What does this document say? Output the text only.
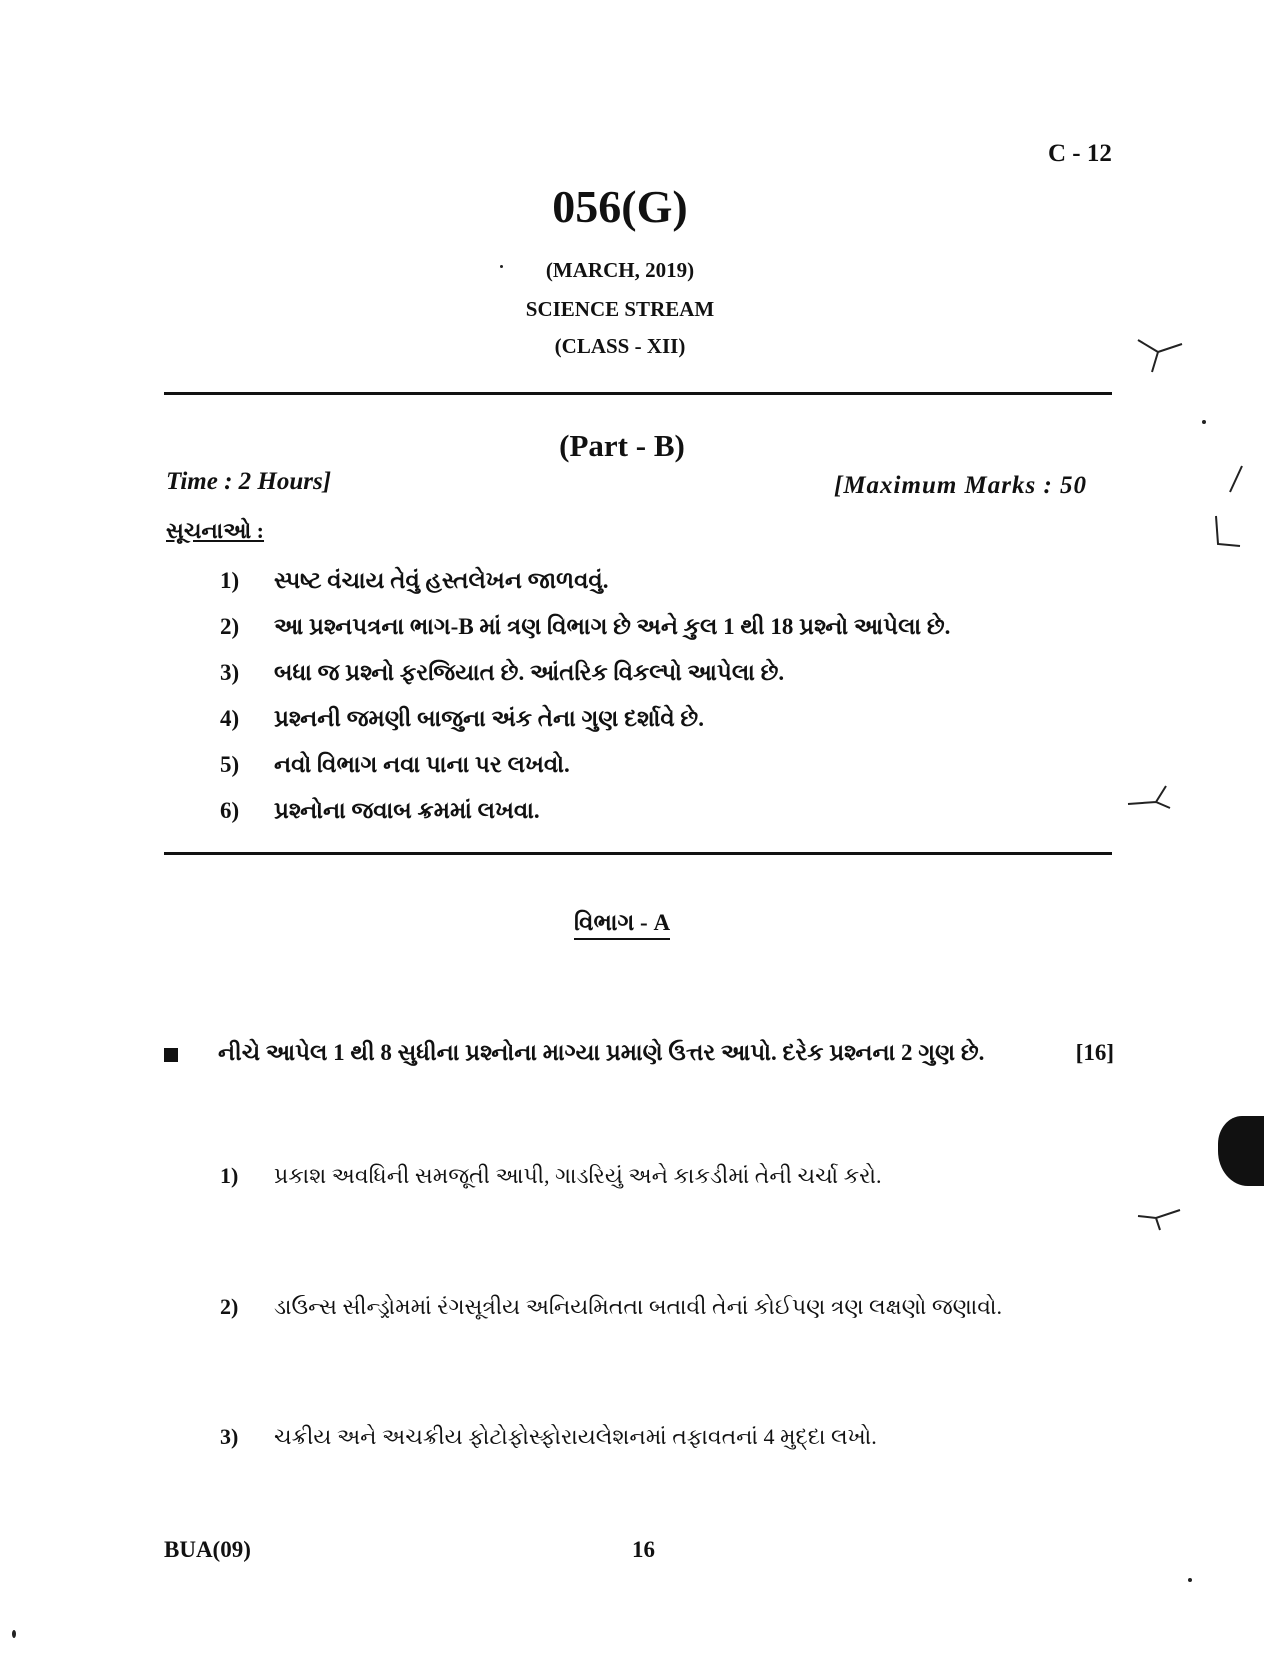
C - 12
056(G)
(MARCH, 2019)
SCIENCE STREAM
(CLASS - XII)
(Part - B)
Time : 2 Hours]	[Maximum Marks : 50
સૂચનાઓ :
1) સ્પષ્ટ વંચાય તેવું હસ્તલેખન જાળવવું.
2) આ પ્રશ્નપત્રના ભાગ-B માં ત્રણ વિભાગ છે અને કુલ 1 થી 18 પ્રશ્નો આપેલા છે.
3) બધા જ પ્રશ્નો ફરજિયાત છે. આંતરિક વિકલ્પો આપેલા છે.
4) પ્રશ્નની જમણી બાજુના અંક તેના ગુણ દર્શાવે છે.
5) નવો વિભાગ નવા પાના પર લખવો.
6) પ્રશ્નોના જવાબ ક્રમમાં લખવા.
વિભાગ - A
નીચે આપેલ 1 થી 8 સુધીના પ્રશ્નોના માગ્યા પ્રમાણે ઉત્તર આપો. દરેક પ્રશ્નના 2 ગુણ છે.	[16]
1) પ્રકાશ અવધિની સમજૂતી આપી, ગાડરિયું અને કાકડીમાં તેની ચર્ચા કરો.
2) ડાઉન્સ સીન્ડ્રોમમાં રંગસૂત્રીય અનિયમિતતા બતાવી તેનાં કોઈપણ ત્રણ લક્ષણો જણાવો.
3) ચક્રીય અને અચક્રીય ફોટોફોસ્ફોરાયલેશનમાં તફાવતનાં 4 મુદ્દા લખો.
BUA(09)	16
